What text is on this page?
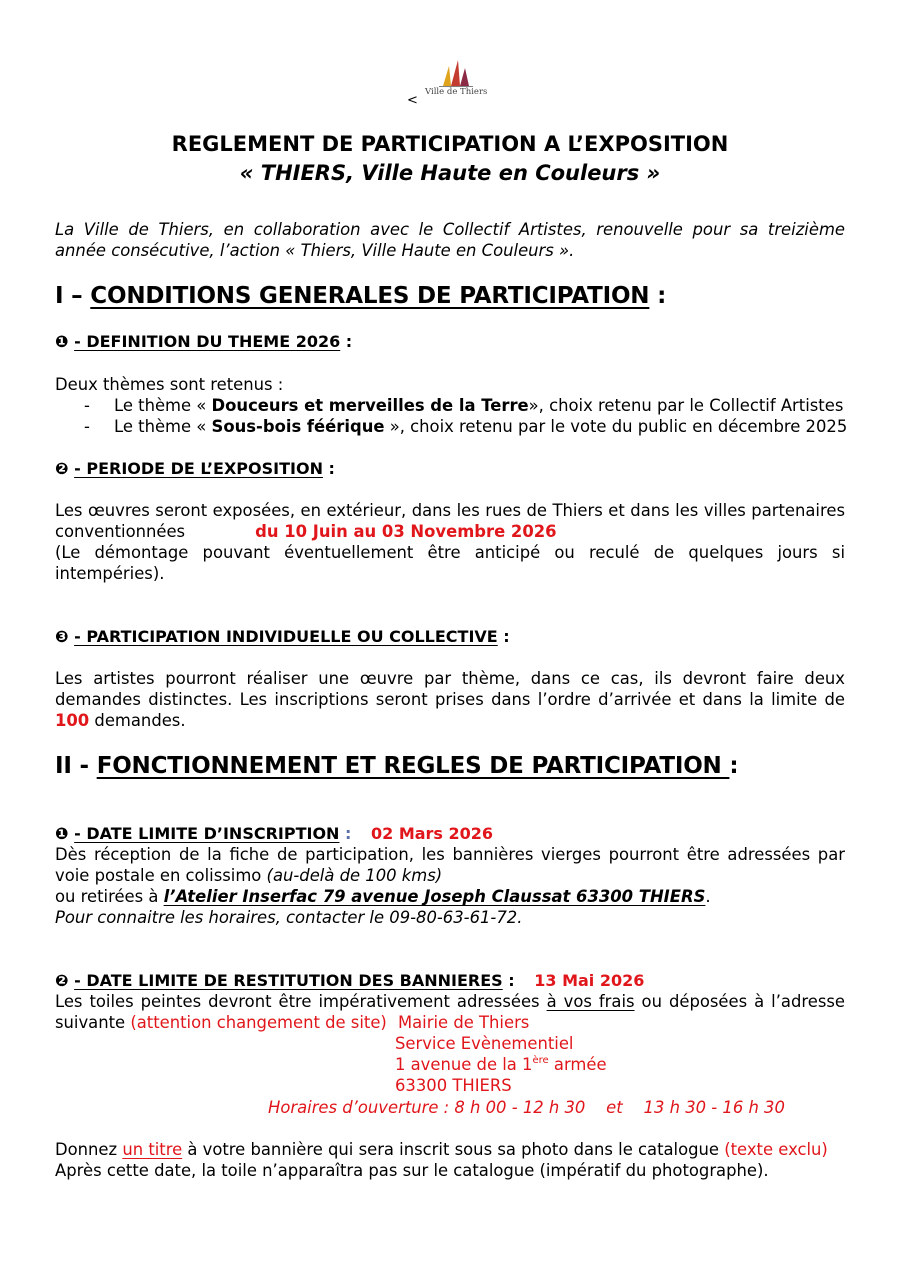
<
Ville de Thiers
REGLEMENT DE PARTICIPATION A L’EXPOSITION
« THIERS, Ville Haute en Couleurs »
La Ville de Thiers, en collaboration avec le Collectif Artistes, renouvelle pour sa treizième
année consécutive, l’action « Thiers, Ville Haute en Couleurs ».
I – CONDITIONS GENERALES DE PARTICIPATION :
❶ - DEFINITION DU THEME 2026 :
Deux thèmes sont retenus :
- Le thème « Douceurs et merveilles de la Terre», choix retenu par le Collectif Artistes
- Le thème « Sous-bois féérique », choix retenu par le vote du public en décembre 2025
❷ - PERIODE DE L’EXPOSITION :
Les œuvres seront exposées, en extérieur, dans les rues de Thiers et dans les villes partenaires
conventionnées	du 10 Juin au 03 Novembre 2026
(Le démontage pouvant éventuellement être anticipé ou reculé de quelques jours si
intempéries).
❸ - PARTICIPATION INDIVIDUELLE OU COLLECTIVE :
Les artistes pourront réaliser une œuvre par thème, dans ce cas, ils devront faire deux
demandes distinctes. Les inscriptions seront prises dans l’ordre d’arrivée et dans la limite de
100 demandes.
II - FONCTIONNEMENT ET REGLES DE PARTICIPATION :
❶ - DATE LIMITE D’INSCRIPTION : 02 Mars 2026
Dès réception de la fiche de participation, les bannières vierges pourront être adressées par
voie postale en colissimo (au-delà de 100 kms)
ou retirées à l’Atelier Inserfac 79 avenue Joseph Claussat 63300 THIERS.
Pour connaitre les horaires, contacter le 09-80-63-61-72.
❷ - DATE LIMITE DE RESTITUTION DES BANNIERES : 13 Mai 2026
Les toiles peintes devront être impérativement adressées à vos frais ou déposées à l’adresse
suivante (attention changement de site) Mairie de Thiers
Service Evènementiel
1 avenue de la 1ère armée
63300 THIERS
Horaires d’ouverture : 8 h 00 - 12 h 30    et    13 h 30 - 16 h 30
Donnez un titre à votre bannière qui sera inscrit sous sa photo dans le catalogue (texte exclu)
Après cette date, la toile n’apparaîtra pas sur le catalogue (impératif du photographe).
